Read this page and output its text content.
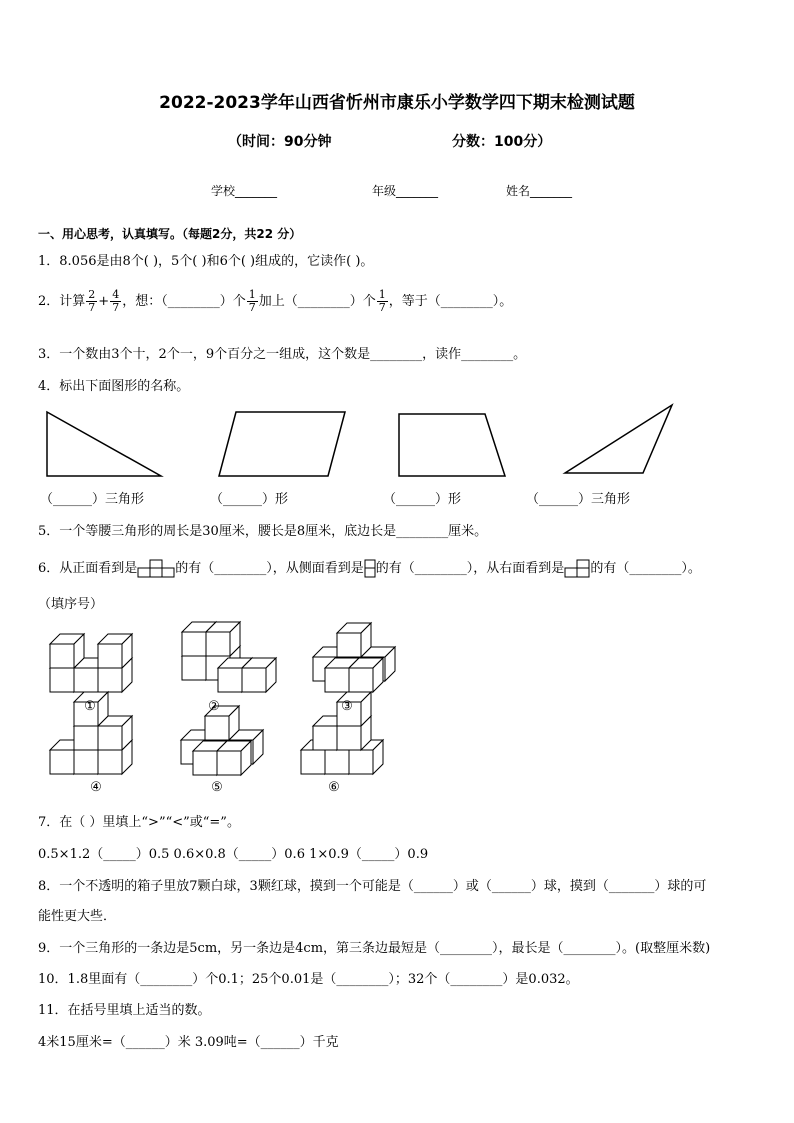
2022-2023学年山西省忻州市康乐小学数学四下期末检测试题
（时间：90分钟	分数：100分）
学校_______	年级_______	姓名_______
一、用心思考，认真填写。（每题2分，共22 分）
1．8.056是由8个( )，5个( )和6个( )组成的，它读作( )。
2．计算 $\frac{2}{7} + \frac{4}{7}$ ，想：（________）个 $\frac{1}{7}$ 加上（________）个 $\frac{1}{7}$ ，等于（________）。
3．一个数由3个十，2个一，9个百分之一组成，这个数是________，读作________。
4．标出下面图形的名称。
（______）三角形	（______）形	（______）形	（______）三角形
5．一个等腰三角形的周长是30厘米，腰长是8厘米，底边长是________厘米。
6．从正面看到是	的有（________），从侧面看到是 的有（________），从右面看到是 的有（________）。
（填序号）
①	②	③
④	⑤	⑥
7．在（ ）里填上“>”“<”或“=”。
0.5×1.2（_____）0.5 0.6×0.8（_____）0.6 1×0.9（_____）0.9
8．一个不透明的箱子里放7颗白球，3颗红球，摸到一个可能是（______）或（______）球，摸到（_______）球的可
能性更大些．
9．一个三角形的一条边是5cm，另一条边是4cm，第三条边最短是（________），最长是（________）。(取整厘米数)
10．1.8里面有（________）个0.1；25个0.01是（________）；32个（________）是0.032。
11．在括号里填上适当的数。
4米15厘米=（______）米 3.09吨=（______）千克
